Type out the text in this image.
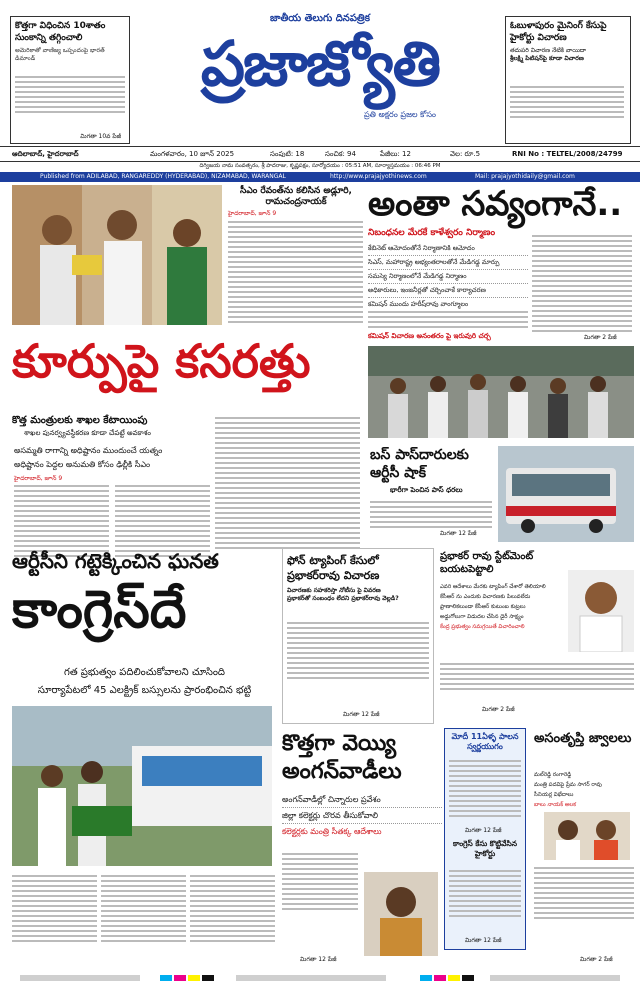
కొత్తగా విధించిన 10శాతం సుంకాన్ని తగ్గించాలి
అమెరికాతో వాణిజ్య ఒప్పందంపై భారత్ డిమాండ్
మిగతా 10వ పేజీ
జాతీయ తెలుగు దినపత్రిక
ప్రజాజ్యోతి
ప్రతి అక్షరం ప్రజల కోసం
ఓబుళాపురం మైనింగ్ కేసుపై హైకోర్టు విచారణ
తదుపరి విచారణ నేటికి వాయిదా
శ్రీలక్ష్మి పిటిషన్‌పై కూడా విచారణ
ఆదిలాబాద్, హైదరాబాద్	మంగళవారం, 10 జూన్ 2025	సంపుటి: 18	సంచిక: 94	పేజీలు: 12	వెల: రూ.5	RNI No : TELTEL/2008/24799
దిగ్విజయ నామ సంవత్సరం, శ్రీ పాదరాజు, కృష్ణపక్షం, సూర్యోదయం : 05:51 AM, సూర్యాస్తమయం : 06:46 PM
Published from ADILABAD, RANGAREDDY (HYDERABAD), NIZAMABAD, WARANGAL	http://www.prajajyothinews.com	Mail: prajajyothidaily@gmail.com
సీఎం రేవంత్‌ను కలిసిన అడ్లూరి, రామచంద్రనాయక్
హైదరాబాద్, జూన్ 9	అంతా సవ్యంగానే..
నిబంధనల మేరకే కాళేశ్వరం నిర్మాణం
కేబినెట్ ఆమోదంతోనే నిర్మాణానికి ఆమోదం
సిఎస్, మహారాష్ట్ర అభ్యంతరాలతోనే మేడిగడ్డ మార్పు
సమస్యె నిర్మాణంలోనే మేడిగడ్డ నిర్మాణం
అధికారులు, ఇంజనీర్లతో చర్చించాకే కార్యాచరణ
కమిషన్ ముందు హరీష్‌రావు వాంగ్మూలం
కమిషన్ విచారణ అనంతరం పై ఇరువురి చర్చ	మిగతా 2 పేజీ
కూర్పుపై కసరత్తు
కొత్త మంత్రులకు శాఖల కేటాయింపు
శాఖల పునర్వ్యవస్థీకరణ కూడా చేపట్టే అవకాశం
అసమ్మతి రాగాన్ని అధిష్టానం ముందుంచే యత్నం
అధిష్టానం పెద్దల అనుమతి కోసం ఢిల్లీకి సీఎం
హైదరాబాద్, జూన్ 9
బస్ పాస్‌దారులకు ఆర్టీసీ షాక్
భారీగా పెంచిన పాస్ ధరలు
మిగతా 12 పేజీ
ఆర్టీసీని గట్టెక్కించిన ఘనత
కాంగ్రెస్‌దే
గత ప్రభుత్వం పదిలించుకోవాలని చూసింది
సూర్యాపేటలో 45 ఎలక్ట్రిక్ బస్సులను ప్రారంభించిన భట్టి
ఫోన్ ట్యాపింగ్ కేసులో ప్రభాకర్‌రావు విచారణ
విచారణకు సహకరిస్తా నోటీసు పై వివరణ
ప్రభాకర్‌తో సంబంధం లేదని ప్రభాకర్‌రావు వెల్లడి?
మిగతా 12 పేజీ
ప్రభాకర్ రావు స్టేట్‌మెంట్ బయటపెట్టాలి
ఎవరి ఆదేశాలు మేరకు ట్యాపింగ్ చేశారో తెలియాలి
కేసీఆర్ ను ఎందుకు విచారణకు పిలువలేదు
ఫ్రాణాలికలుండా కేసీఆర్ కుటుంబ కుట్రలు
అడ్డుగోలుగా విడుదల చేసిన డైరీ సాక్ష్యం
కేంద్ర ప్రభుత్వం సమగ్రయితే విచారించాలి
మిగతా 2 పేజీ
కొత్తగా వెయ్యి అంగన్‌వాడీలు
అంగన్‌వాడీల్లో చిన్నారుల ప్రవేశం
జిల్లా కలెక్టర్లు చొరవ తీసుకోవాలి
కలెక్టర్లకు మంత్రి సీతక్క ఆదేశాలు
మిగతా 12 పేజీ
మోదీ 11ఏళ్ళ పాలన స్వర్ణయుగం
మిగతా 12 పేజీ
కాంగ్రెస్ కేసు కొట్టివేసిన హైకోర్టు
మిగతా 12 పేజీ
అసంతృప్తి జ్వాలలు
మల్‌రెడ్డి రంగారెడ్డి
మంత్రి పదవిపై ప్రేమ సాగర్ రావు
సీనియర్ల విభేదాలు
బాలు నాయక్ అలక
మిగతా 2 పేజీ
